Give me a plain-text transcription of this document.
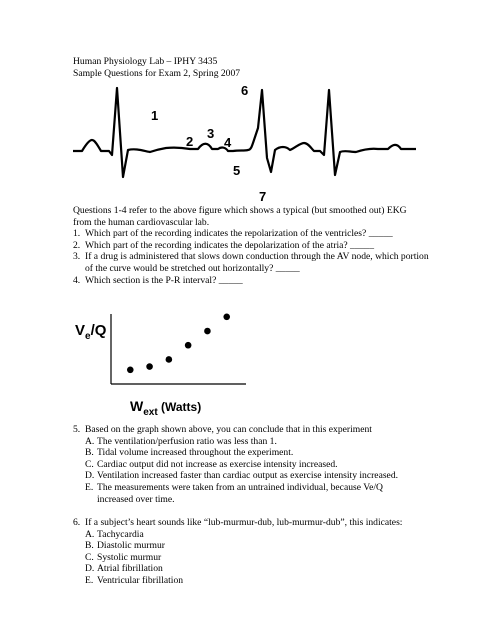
Human Physiology Lab – IPHY 3435
Sample Questions for Exam 2, Spring 2007
1
2
3
4
5
6
7
Questions 1-4 refer to the above figure which shows a typical (but smoothed out) EKG
from the human cardiovascular lab.
1. Which part of the recording indicates the repolarization of the ventricles? _____
2. Which part of the recording indicates the depolarization of the atria? _____
3. If a drug is administered that slows down conduction through the AV node, which portion of the curve would be stretched out horizontally? _____
4. Which section is the P-R interval? _____
$V_e/Q$
$W_{ext}$ $^{(Watts)}$
5. Based on the graph shown above, you can conclude that in this experiment
A. The ventilation/perfusion ratio was less than 1.
B. Tidal volume increased throughout the experiment.
C. Cardiac output did not increase as exercise intensity increased.
D. Ventilation increased faster than cardiac output as exercise intensity increased.
E. The measurements were taken from an untrained individual, because Ve/Q increased over time.
6. If a subject’s heart sounds like “lub-murmur-dub, lub-murmur-dub”, this indicates:
A. Tachycardia
B. Diastolic murmur
C. Systolic murmur
D. Atrial fibrillation
E. Ventricular fibrillation
